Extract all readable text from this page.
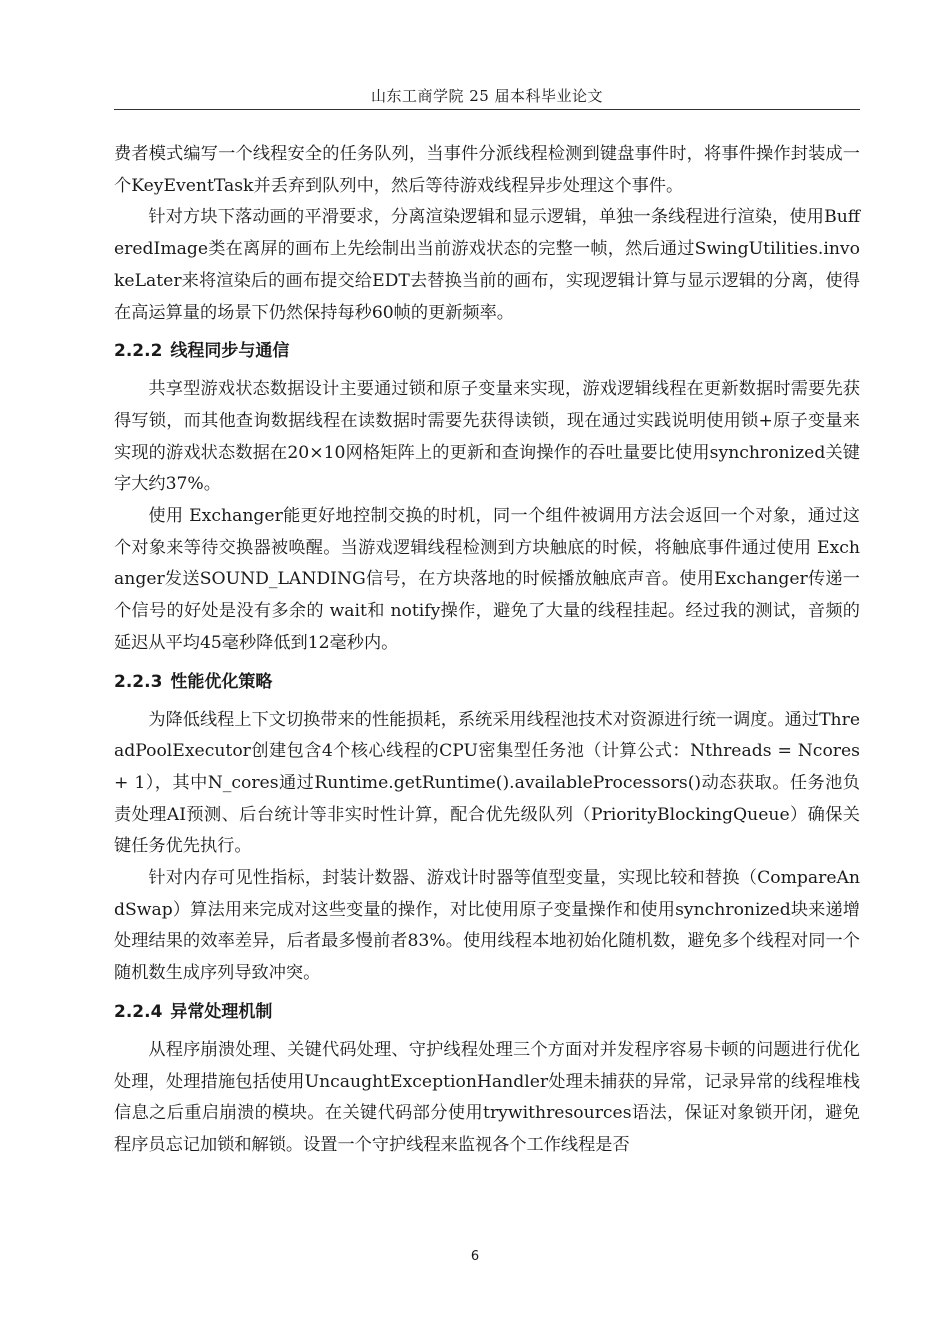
山东工商学院 25 届本科毕业论文

费者模式编写一个线程安全的任务队列，当事件分派线程检测到键盘事件时，将事件操作封装成一个KeyEventTask并丢弃到队列中，然后等待游戏线程异步处理这个事件。

针对方块下落动画的平滑要求，分离渲染逻辑和显示逻辑，单独一条线程进行渲染，使用BufferedImage类在离屏的画布上先绘制出当前游戏状态的完整一帧，然后通过SwingUtilities.invokeLater来将渲染后的画布提交给EDT去替换当前的画布，实现逻辑计算与显示逻辑的分离，使得在高运算量的场景下仍然保持每秒60帧的更新频率。

2.2.2 线程同步与通信

共享型游戏状态数据设计主要通过锁和原子变量来实现，游戏逻辑线程在更新数据时需要先获得写锁，而其他查询数据线程在读数据时需要先获得读锁，现在通过实践说明使用锁+原子变量来实现的游戏状态数据在20×10网格矩阵上的更新和查询操作的吞吐量要比使用synchronized关键字大约37%。

使用 Exchanger能更好地控制交换的时机，同一个组件被调用方法会返回一个对象，通过这个对象来等待交换器被唤醒。当游戏逻辑线程检测到方块触底的时候，将触底事件通过使用 Exchanger发送SOUND_LANDING信号，在方块落地的时候播放触底声音。使用Exchanger传递一个信号的好处是没有多余的 wait和 notify操作，避免了大量的线程挂起。经过我的测试，音频的延迟从平均45毫秒降低到12毫秒内。

2.2.3 性能优化策略

为降低线程上下文切换带来的性能损耗，系统采用线程池技术对资源进行统一调度。通过ThreadPoolExecutor创建包含4个核心线程的CPU密集型任务池（计算公式：Nthreads = Ncores + 1），其中N_cores通过Runtime.getRuntime().availableProcessors()动态获取。任务池负责处理AI预测、后台统计等非实时性计算，配合优先级队列（PriorityBlockingQueue）确保关键任务优先执行。

针对内存可见性指标，封装计数器、游戏计时器等值型变量，实现比较和替换（CompareAndSwap）算法用来完成对这些变量的操作，对比使用原子变量操作和使用synchronized块来递增处理结果的效率差异，后者最多慢前者83%。使用线程本地初始化随机数，避免多个线程对同一个随机数生成序列导致冲突。

2.2.4 异常处理机制

从程序崩溃处理、关键代码处理、守护线程处理三个方面对并发程序容易卡顿的问题进行优化处理，处理措施包括使用UncaughtExceptionHandler处理未捕获的异常，记录异常的线程堆栈信息之后重启崩溃的模块。在关键代码部分使用trywithresources语法，保证对象锁开闭，避免程序员忘记加锁和解锁。设置一个守护线程来监视各个工作线程是否

6
